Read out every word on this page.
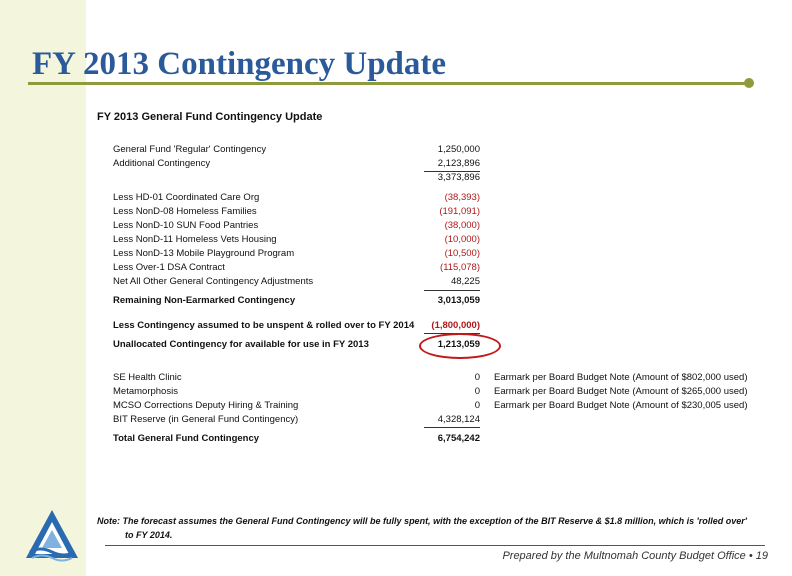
FY 2013 Contingency Update
FY 2013 General Fund Contingency Update
General Fund 'Regular' Contingency	1,250,000
Additional Contingency	2,123,896
3,373,896
Less HD-01 Coordinated Care Org	(38,393)
Less NonD-08 Homeless Families	(191,091)
Less NonD-10 SUN Food Pantries	(38,000)
Less NonD-11 Homeless Vets Housing	(10,000)
Less NonD-13 Mobile Playground Program	(10,500)
Less Over-1 DSA Contract	(115,078)
Net All Other General Contingency Adjustments	48,225
Remaining Non-Earmarked Contingency	3,013,059
Less Contingency assumed to be unspent & rolled over to FY 2014 (1,800,000)
Unallocated Contingency for available for use in FY 2013	1,213,059
SE Health Clinic	0 Earmark per Board Budget Note (Amount of $802,000 used)
Metamorphosis	0 Earmark per Board Budget Note (Amount of $265,000 used)
MCSO Corrections Deputy Hiring & Training	0 Earmark per Board Budget Note (Amount of $230,005 used)
BIT Reserve (in General Fund Contingency)	4,328,124
Total General Fund Contingency	6,754,242
Note: The forecast assumes the General Fund Contingency will be fully spent, with the exception of the BIT Reserve & $1.8 million, which is 'rolled over'
to FY 2014.
Prepared by the Multnomah County Budget Office • 19
